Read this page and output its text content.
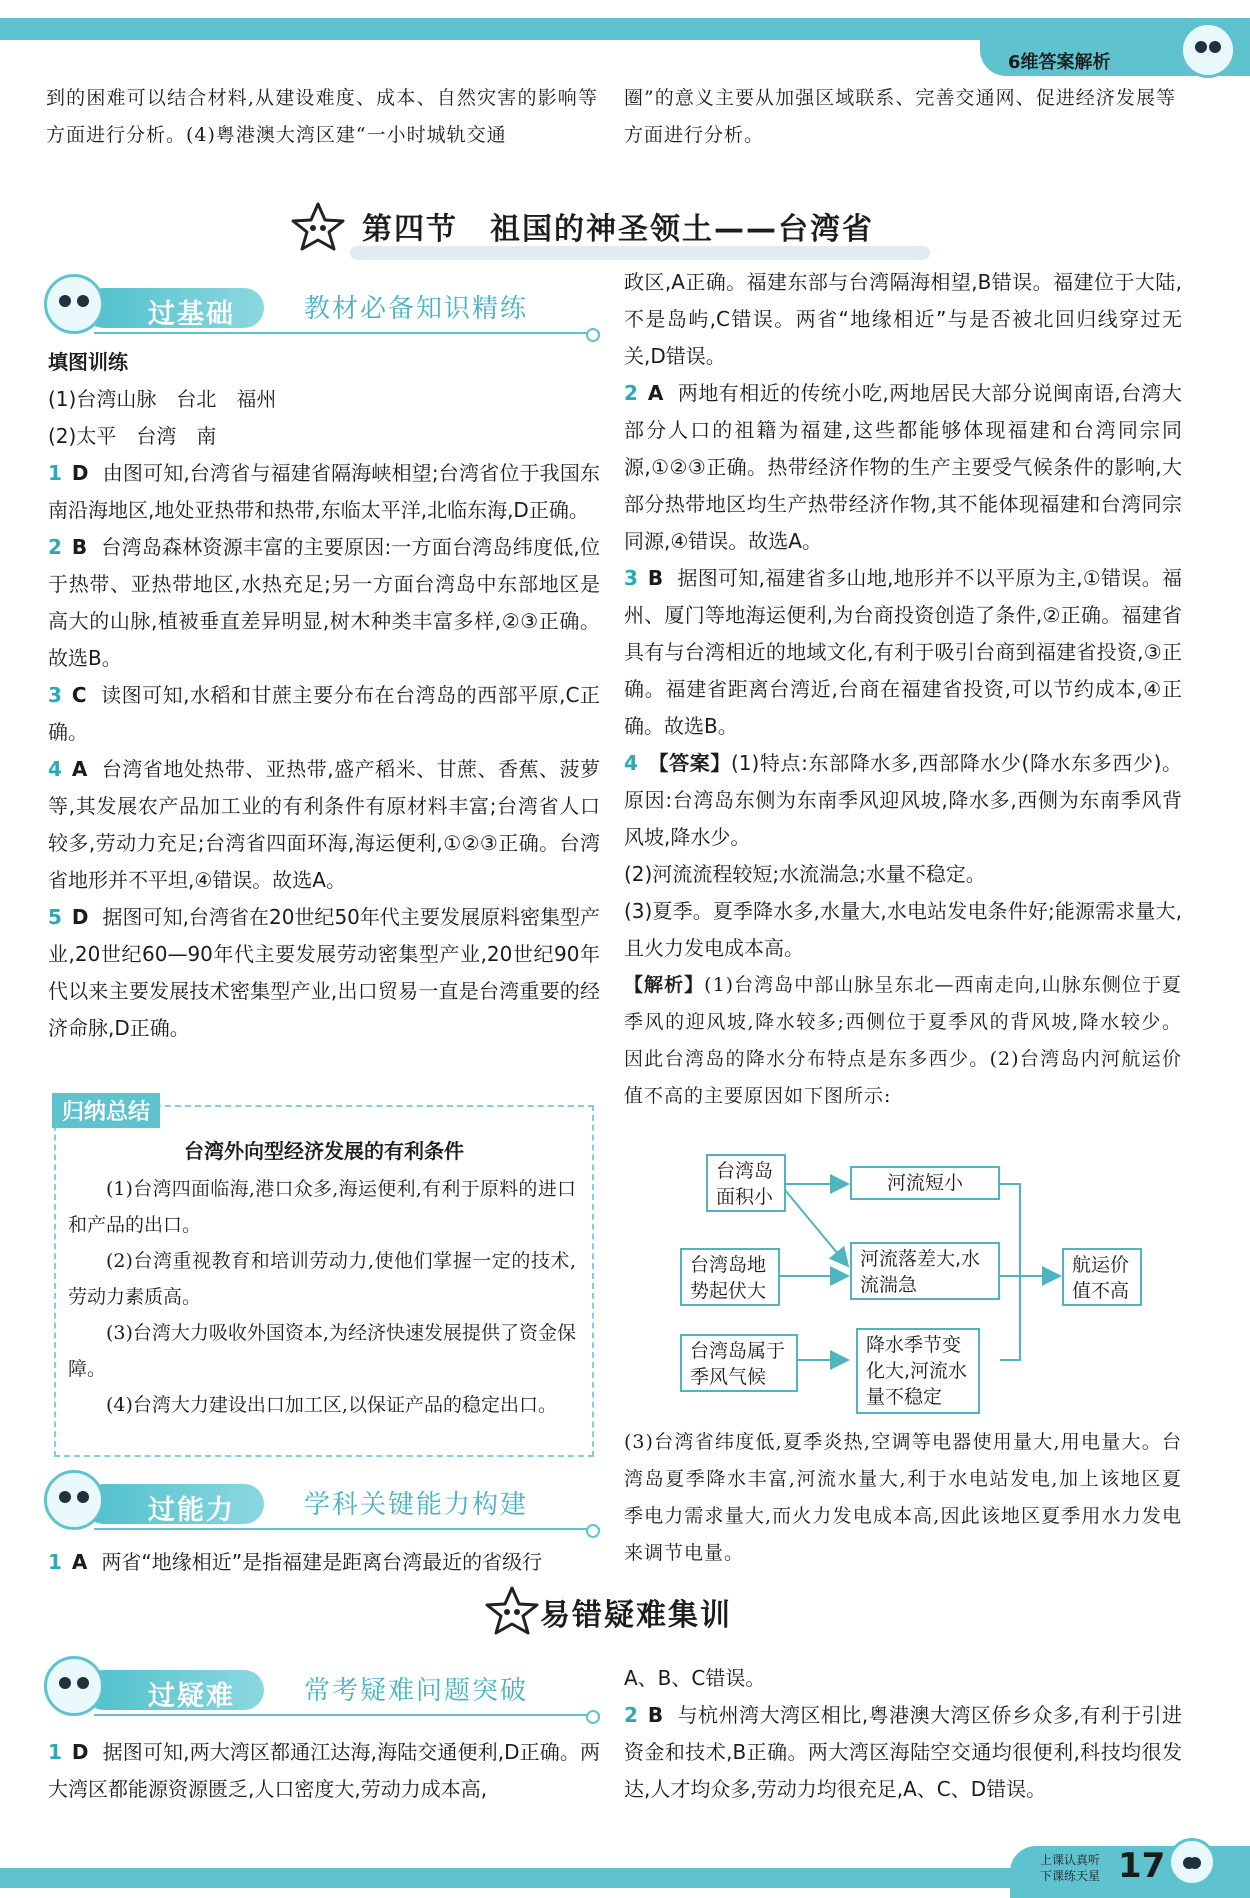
6维答案解析

到的困难可以结合材料,从建设难度、成本、自然灾害的影响等方面进行分析。(4)粤港澳大湾区建“一小时城轨交通

圈”的意义主要从加强区域联系、完善交通网、促进经济发展等方面进行分析。

第四节　祖国的神圣领土——台湾省
过基础	教材必备知识精练

填图训练

(1)台湾山脉　台北　福州

(2)太平　台湾　南

1 D 由图可知,台湾省与福建省隔海峡相望;台湾省位于我国东南沿海地区,地处亚热带和热带,东临太平洋,北临东海,D正确。

2 B 台湾岛森林资源丰富的主要原因:一方面台湾岛纬度低,位于热带、亚热带地区,水热充足;另一方面台湾岛中东部地区是高大的山脉,植被垂直差异明显,树木种类丰富多样,②③正确。故选B。

3 C 读图可知,水稻和甘蔗主要分布在台湾岛的西部平原,C正确。

4 A 台湾省地处热带、亚热带,盛产稻米、甘蔗、香蕉、菠萝等,其发展农产品加工业的有利条件有原材料丰富;台湾省人口较多,劳动力充足;台湾省四面环海,海运便利,①②③正确。台湾省地形并不平坦,④错误。故选A。

5 D 据图可知,台湾省在20世纪50年代主要发展原料密集型产业,20世纪60—90年代主要发展劳动密集型产业,20世纪90年代以来主要发展技术密集型产业,出口贸易一直是台湾重要的经济命脉,D正确。

归纳总结
台湾外向型经济发展的有利条件

(1)台湾四面临海,港口众多,海运便利,有利于原料的进口和产品的出口。

(2)台湾重视教育和培训劳动力,使他们掌握一定的技术,劳动力素质高。

(3)台湾大力吸收外国资本,为经济快速发展提供了资金保障。

(4)台湾大力建设出口加工区,以保证产品的稳定出口。

过能力	学科关键能力构建

1 A 两省“地缘相近”是指福建是距离台湾最近的省级行

过疑难	常考疑难问题突破

1 D 据图可知,两大湾区都通江达海,海陆交通便利,D正确。两大湾区都能源资源匮乏,人口密度大,劳动力成本高,

政区,A正确。福建东部与台湾隔海相望,B错误。福建位于大陆,不是岛屿,C错误。两省“地缘相近”与是否被北回归线穿过无关,D错误。

2 A 两地有相近的传统小吃,两地居民大部分说闽南语,台湾大部分人口的祖籍为福建,这些都能够体现福建和台湾同宗同源,①②③正确。热带经济作物的生产主要受气候条件的影响,大部分热带地区均生产热带经济作物,其不能体现福建和台湾同宗同源,④错误。故选A。

3 B 据图可知,福建省多山地,地形并不以平原为主,①错误。福州、厦门等地海运便利,为台商投资创造了条件,②正确。福建省具有与台湾相近的地域文化,有利于吸引台商到福建省投资,③正确。福建省距离台湾近,台商在福建省投资,可以节约成本,④正确。故选B。

4 【答案】(1)特点:东部降水多,西部降水少(降水东多西少)。原因:台湾岛东侧为东南季风迎风坡,降水多,西侧为东南季风背风坡,降水少。

(2)河流流程较短;水流湍急;水量不稳定。

(3)夏季。夏季降水多,水量大,水电站发电条件好;能源需求量大,且火力发电成本高。

【解析】(1)台湾岛中部山脉呈东北—西南走向,山脉东侧位于夏季风的迎风坡,降水较多;西侧位于夏季风的背风坡,降水较少。因此台湾岛的降水分布特点是东多西少。(2)台湾岛内河航运价值不高的主要原因如下图所示:

台湾岛面积小
河流短小
台湾岛地势起伏大
河流落差大,水流湍急
航运价值不高
台湾岛属于季风气候
降水季节变化大,河流水量不稳定

(3)台湾省纬度低,夏季炎热,空调等电器使用量大,用电量大。台湾岛夏季降水丰富,河流水量大,利于水电站发电,加上该地区夏季电力需求量大,而火力发电成本高,因此该地区夏季用水力发电来调节电量。

易错疑难集训

A、B、C错误。

2 B 与杭州湾大湾区相比,粤港澳大湾区侨乡众多,有利于引进资金和技术,B正确。两大湾区海陆空交通均很便利,科技均很发达,人才均众多,劳动力均很充足,A、C、D错误。

上课认真听
下课练天星 17
